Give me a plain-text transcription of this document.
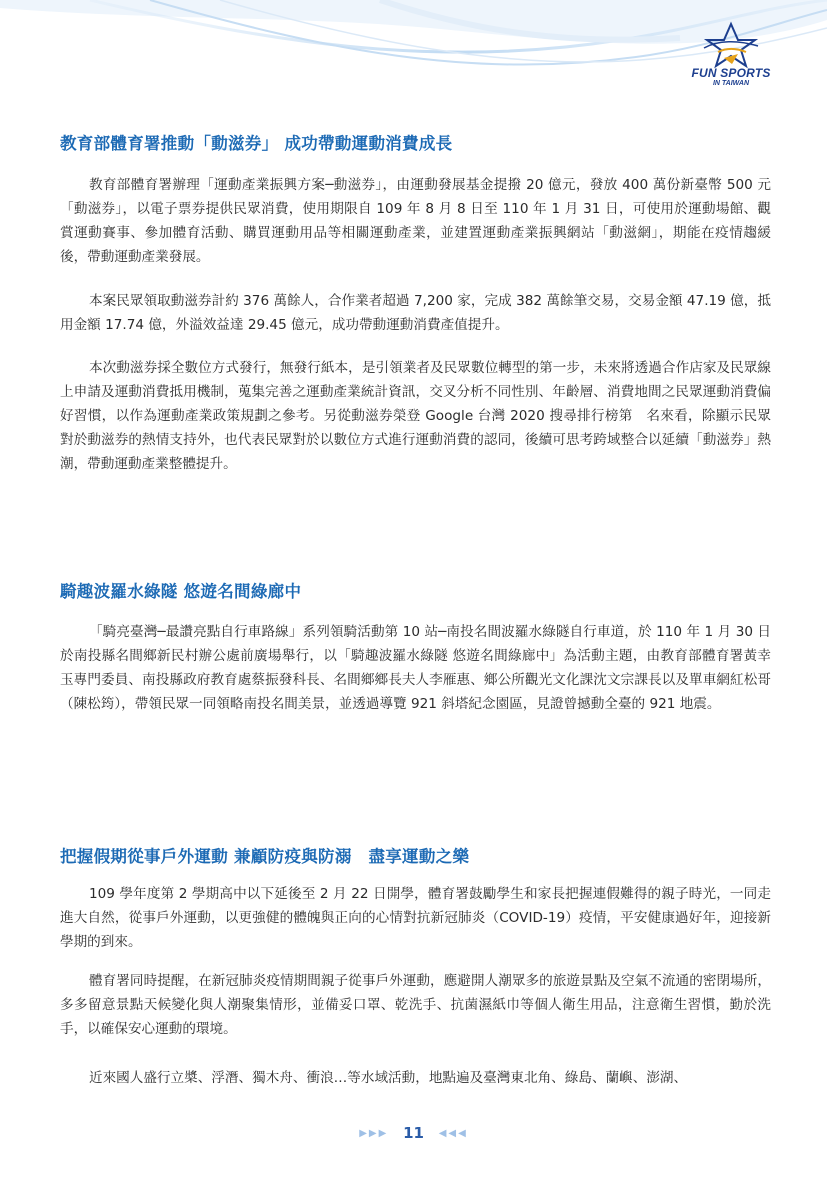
FUN SPORTS
IN TAIWAN
教育部體育署推動「動滋券」 成功帶動運動消費成長

教育部體育署辦理「運動產業振興方案─動滋券」，由運動發展基金提撥 20 億元，發放 400 萬份新臺幣 500 元「動滋券」，以電子票券提供民眾消費，使用期限自 109 年 8 月 8 日至 110 年 1 月 31 日，可使用於運動場館、觀賞運動賽事、參加體育活動、購買運動用品等相關運動產業，並建置運動產業振興網站「動滋網」，期能在疫情趨緩後，帶動運動產業發展。

本案民眾領取動滋券計約 376 萬餘人，合作業者超過 7,200 家，完成 382 萬餘筆交易，交易金額 47.19 億，抵用金額 17.74 億，外溢效益達 29.45 億元，成功帶動運動消費產值提升。

本次動滋券採全數位方式發行，無發行紙本，是引領業者及民眾數位轉型的第一步，未來將透過合作店家及民眾線上申請及運動消費抵用機制，蒐集完善之運動產業統計資訊，交叉分析不同性別、年齡層、消費地間之民眾運動消費偏好習慣，以作為運動產業政策規劃之參考。另從動滋券榮登 Google 台灣 2020 搜尋排行榜第　名來看，除顯示民眾對於動滋券的熱情支持外，也代表民眾對於以數位方式進行運動消費的認同，後續可思考跨域整合以延續「動滋券」熱潮，帶動運動產業整體提升。

騎趣波羅水綠隧 悠遊名間綠廊中

「騎亮臺灣─最讚亮點自行車路線」系列領騎活動第 10 站─南投名間波羅水綠隧自行車道，於 110 年 1 月 30 日於南投縣名間鄉新民村辦公處前廣場舉行，以「騎趣波羅水綠隧 悠遊名間綠廊中」為活動主題，由教育部體育署黃幸玉專門委員、南投縣政府教育處蔡振發科長、名間鄉鄉長夫人李雁惠、鄉公所觀光文化課沈文宗課長以及單車網紅松哥（陳松筠），帶領民眾一同領略南投名間美景，並透過導覽 921 斜塔紀念園區，見證曾撼動全臺的 921 地震。

把握假期從事戶外運動 兼顧防疫與防溺　盡享運動之樂

109 學年度第 2 學期高中以下延後至 2 月 22 日開學，體育署鼓勵學生和家長把握連假難得的親子時光，一同走進大自然，從事戶外運動，以更強健的體魄與正向的心情對抗新冠肺炎（COVID-19）疫情，平安健康過好年，迎接新學期的到來。

體育署同時提醒，在新冠肺炎疫情期間親子從事戶外運動，應避開人潮眾多的旅遊景點及空氣不流通的密閉場所， 多多留意景點天候變化與人潮聚集情形，並備妥口罩、乾洗手、抗菌濕紙巾等個人衛生用品，注意衛生習慣，勤於洗手，以確保安心運動的環境。

近來國人盛行立槳、浮潛、獨木舟、衝浪…等水域活動，地點遍及臺灣東北角、綠島、蘭嶼、澎湖、

▶▶▶ 11 ◀◀◀
